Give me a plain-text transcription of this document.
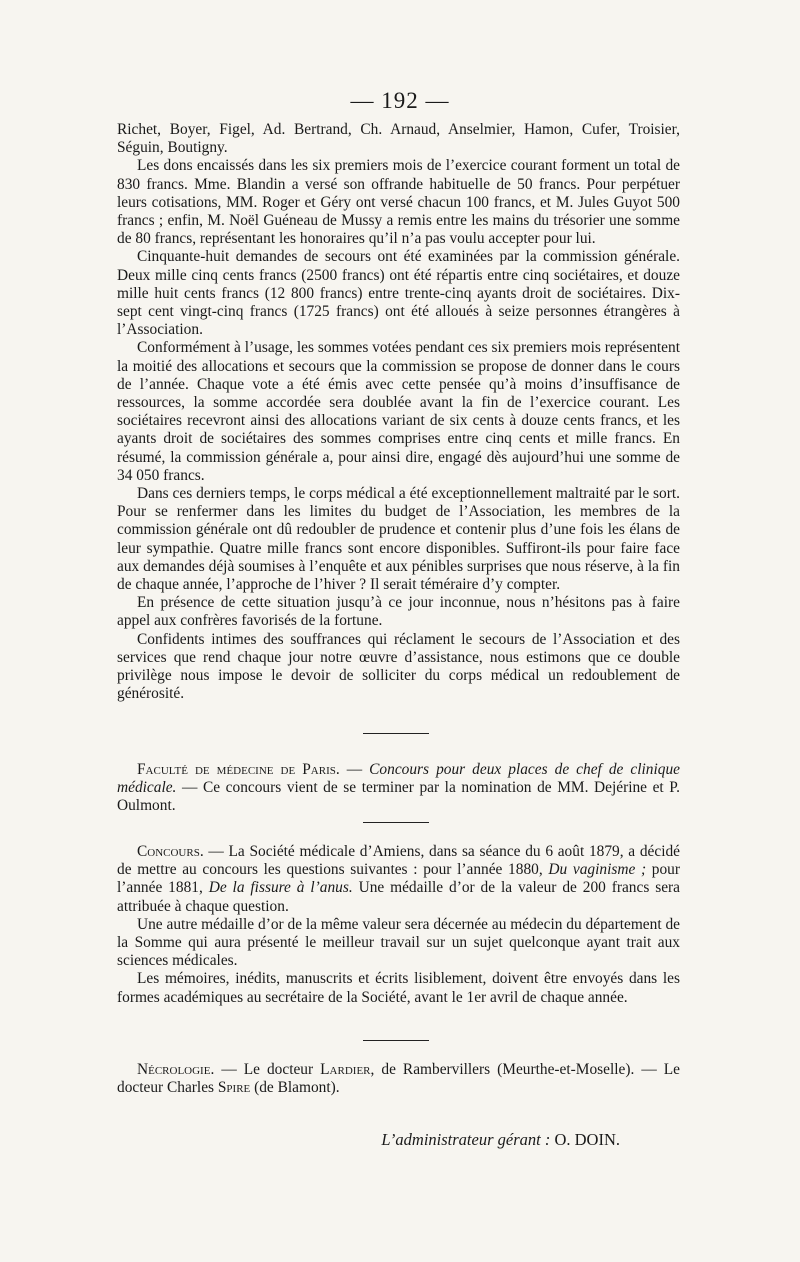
— 192 —

Richet, Boyer, Figel, Ad. Bertrand, Ch. Arnaud, Anselmier, Hamon, Cufer, Troisier, Séguin, Boutigny.

Les dons encaissés dans les six premiers mois de l’exercice courant forment un total de 830 francs. Mme. Blandin a versé son offrande habituelle de 50 francs. Pour perpétuer leurs cotisations, MM. Roger et Géry ont versé chacun 100 francs, et M. Jules Guyot 500 francs ; enfin, M. Noël Guéneau de Mussy a remis entre les mains du trésorier une somme de 80 francs, représentant les honoraires qu’il n’a pas voulu accepter pour lui.

Cinquante-huit demandes de secours ont été examinées par la commission générale. Deux mille cinq cents francs (2500 francs) ont été répartis entre cinq sociétaires, et douze mille huit cents francs (12 800 francs) entre trente-cinq ayants droit de sociétaires. Dix-sept cent vingt-cinq francs (1725 francs) ont été alloués à seize personnes étrangères à l’Association.

Conformément à l’usage, les sommes votées pendant ces six premiers mois représentent la moitié des allocations et secours que la commission se propose de donner dans le cours de l’année. Chaque vote a été émis avec cette pensée qu’à moins d’insuffisance de ressources, la somme accordée sera doublée avant la fin de l’exercice courant. Les sociétaires recevront ainsi des allocations variant de six cents à douze cents francs, et les ayants droit de sociétaires des sommes comprises entre cinq cents et mille francs. En résumé, la commission générale a, pour ainsi dire, engagé dès aujourd’hui une somme de 34 050 francs.

Dans ces derniers temps, le corps médical a été exceptionnellement maltraité par le sort. Pour se renfermer dans les limites du budget de l’Association, les membres de la commission générale ont dû redoubler de prudence et contenir plus d’une fois les élans de leur sympathie. Quatre mille francs sont encore disponibles. Suffiront-ils pour faire face aux demandes déjà soumises à l’enquête et aux pénibles surprises que nous réserve, à la fin de chaque année, l’approche de l’hiver ? Il serait téméraire d’y compter.

En présence de cette situation jusqu’à ce jour inconnue, nous n’hésitons pas à faire appel aux confrères favorisés de la fortune.

Confidents intimes des souffrances qui réclament le secours de l’Association et des services que rend chaque jour notre œuvre d’assistance, nous estimons que ce double privilège nous impose le devoir de solliciter du corps médical un redoublement de générosité.

Faculté de médecine de Paris. — Concours pour deux places de chef de clinique médicale. — Ce concours vient de se terminer par la nomination de MM. Dejérine et P. Oulmont.

Concours. — La Société médicale d’Amiens, dans sa séance du 6 août 1879, a décidé de mettre au concours les questions suivantes : pour l’année 1880, Du vaginisme ; pour l’année 1881, De la fissure à l’anus. Une médaille d’or de la valeur de 200 francs sera attribuée à chaque question.

Une autre médaille d’or de la même valeur sera décernée au médecin du département de la Somme qui aura présenté le meilleur travail sur un sujet quelconque ayant trait aux sciences médicales.

Les mémoires, inédits, manuscrits et écrits lisiblement, doivent être envoyés dans les formes académiques au secrétaire de la Société, avant le 1er avril de chaque année.

Nécrologie. — Le docteur Lardier, de Rambervillers (Meurthe-et-Moselle). — Le docteur Charles Spire (de Blamont).

L’administrateur gérant : O. DOIN.
